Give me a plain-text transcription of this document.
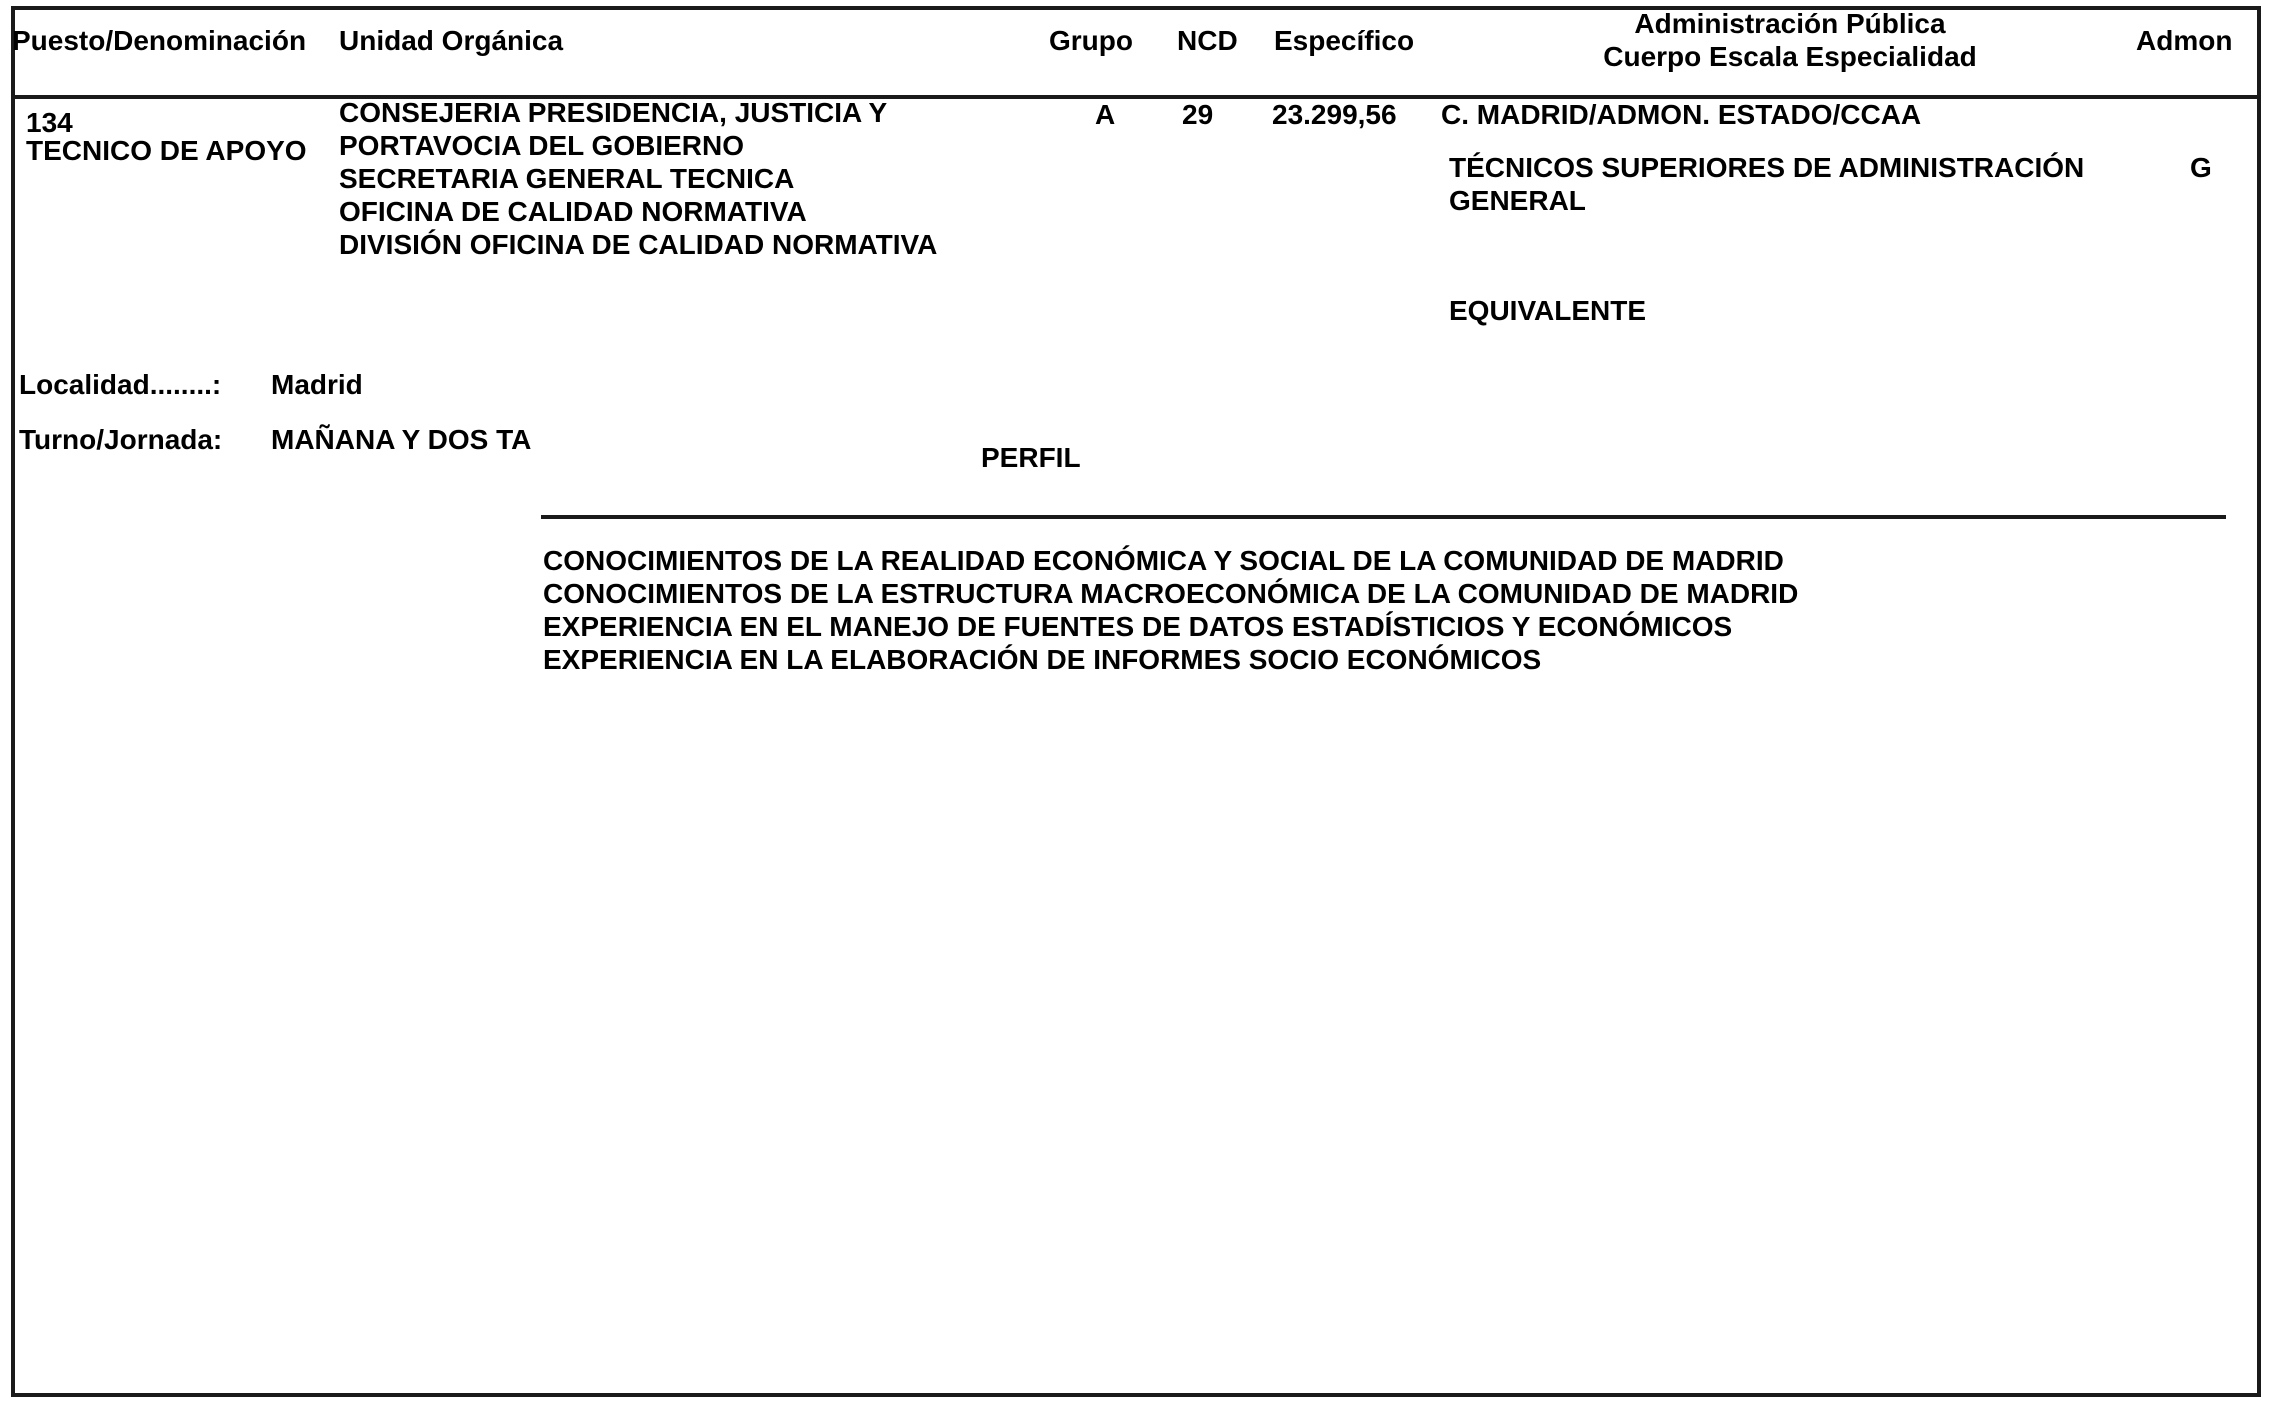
Puesto/Denominación Unidad Orgánica	Grupo NCD Específico
Administración Pública
Cuerpo Escala Especialidad
Admon
134
TECNICO DE APOYO
CONSEJERIA PRESIDENCIA, JUSTICIA Y
PORTAVOCIA DEL GOBIERNO
SECRETARIA GENERAL TECNICA
OFICINA DE CALIDAD NORMATIVA
DIVISIÓN OFICINA DE CALIDAD NORMATIVA
A 29 23.299,56 C. MADRID/ADMON. ESTADO/CCAA
TÉCNICOS SUPERIORES DE ADMINISTRACIÓN
GENERAL
G
EQUIVALENTE
Localidad........: Madrid
Turno/Jornada: MAÑANA Y DOS TA
PERFIL
CONOCIMIENTOS DE LA REALIDAD ECONÓMICA Y SOCIAL DE LA COMUNIDAD DE MADRID
CONOCIMIENTOS DE LA ESTRUCTURA MACROECONÓMICA DE LA COMUNIDAD DE MADRID
EXPERIENCIA EN EL MANEJO DE FUENTES DE DATOS ESTADÍSTICIOS Y ECONÓMICOS
EXPERIENCIA EN LA ELABORACIÓN DE INFORMES SOCIO ECONÓMICOS
